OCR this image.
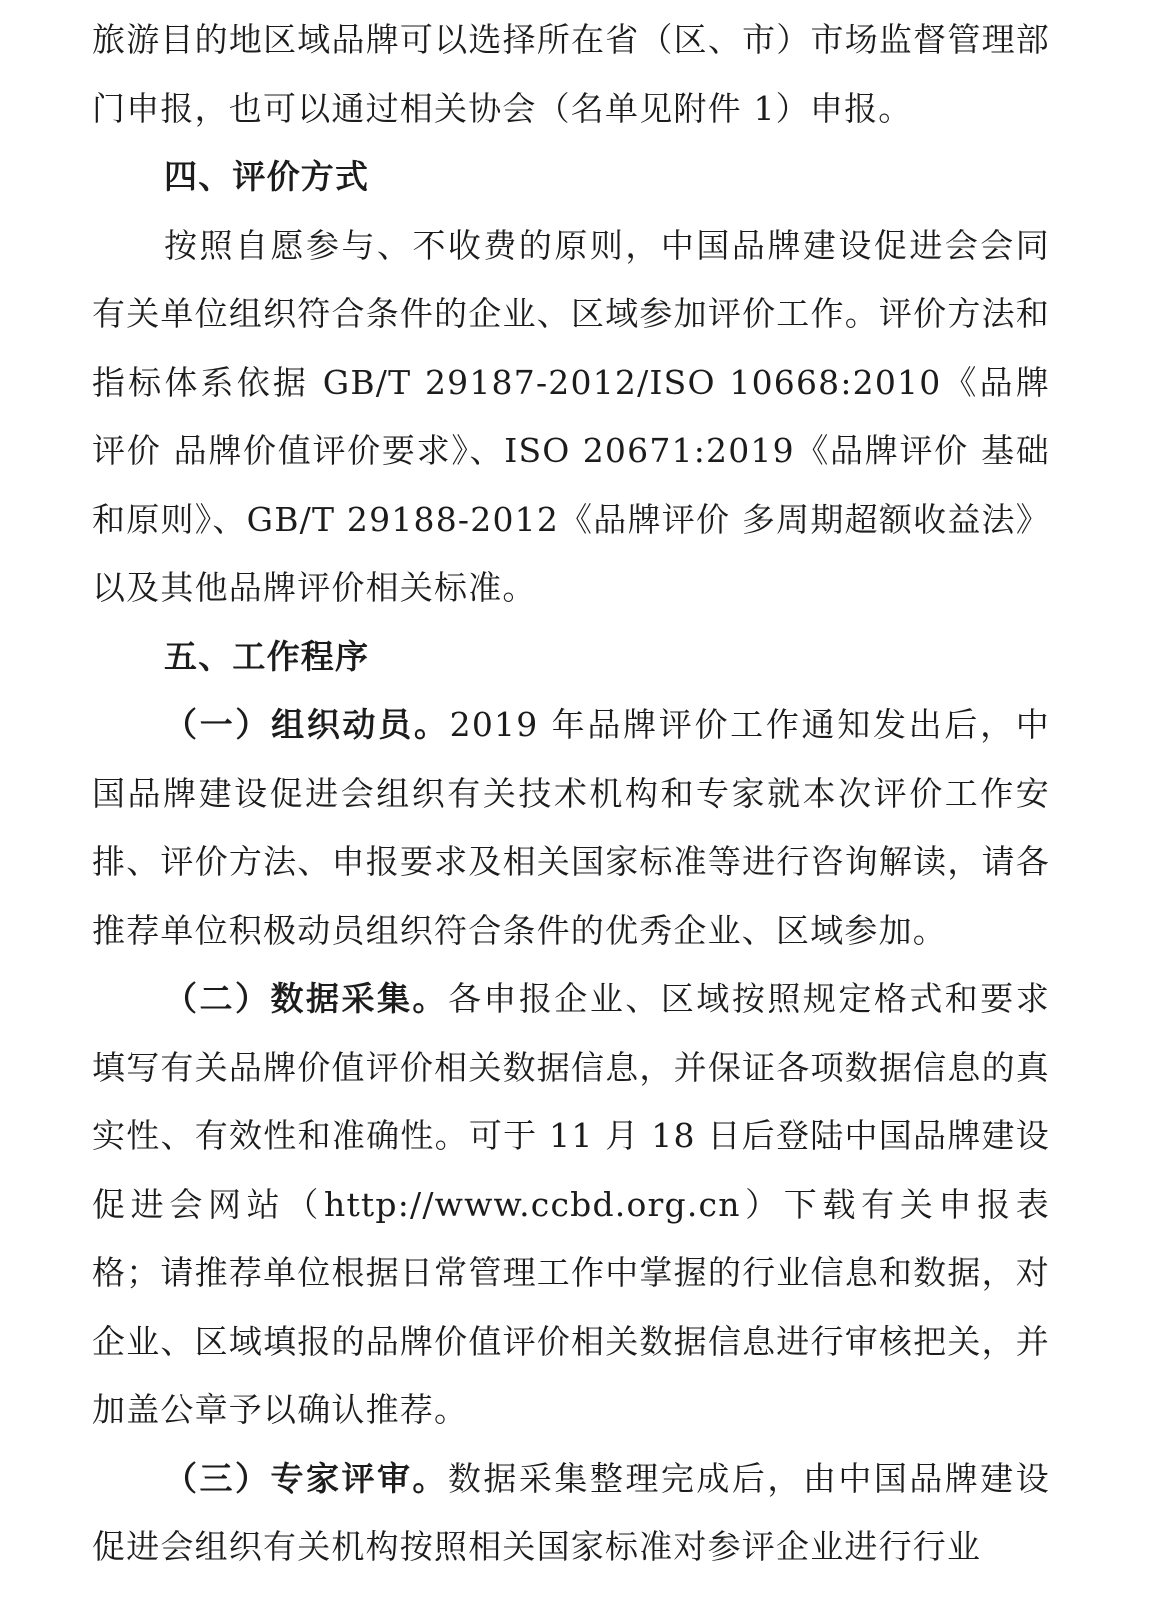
旅游目的地区域品牌可以选择所在省（区、市）市场监督管理部门申报，也可以通过相关协会（名单见附件 1）申报。

四、评价方式

按照自愿参与、不收费的原则，中国品牌建设促进会会同有关单位组织符合条件的企业、区域参加评价工作。评价方法和指标体系依据 GB/T 29187-2012/ISO 10668:2010《品牌评价 品牌价值评价要求》、ISO 20671:2019《品牌评价 基础和原则》、GB/T 29188-2012《品牌评价 多周期超额收益法》以及其他品牌评价相关标准。

五、工作程序

（一）组织动员。2019 年品牌评价工作通知发出后，中国品牌建设促进会组织有关技术机构和专家就本次评价工作安排、评价方法、申报要求及相关国家标准等进行咨询解读，请各推荐单位积极动员组织符合条件的优秀企业、区域参加。

（二）数据采集。各申报企业、区域按照规定格式和要求填写有关品牌价值评价相关数据信息，并保证各项数据信息的真实性、有效性和准确性。可于 11 月 18 日后登陆中国品牌建设促进会网站（http://www.ccbd.org.cn）下载有关申报表格；请推荐单位根据日常管理工作中掌握的行业信息和数据，对企业、区域填报的品牌价值评价相关数据信息进行审核把关，并加盖公章予以确认推荐。

（三）专家评审。数据采集整理完成后，由中国品牌建设促进会组织有关机构按照相关国家标准对参评企业进行行业
